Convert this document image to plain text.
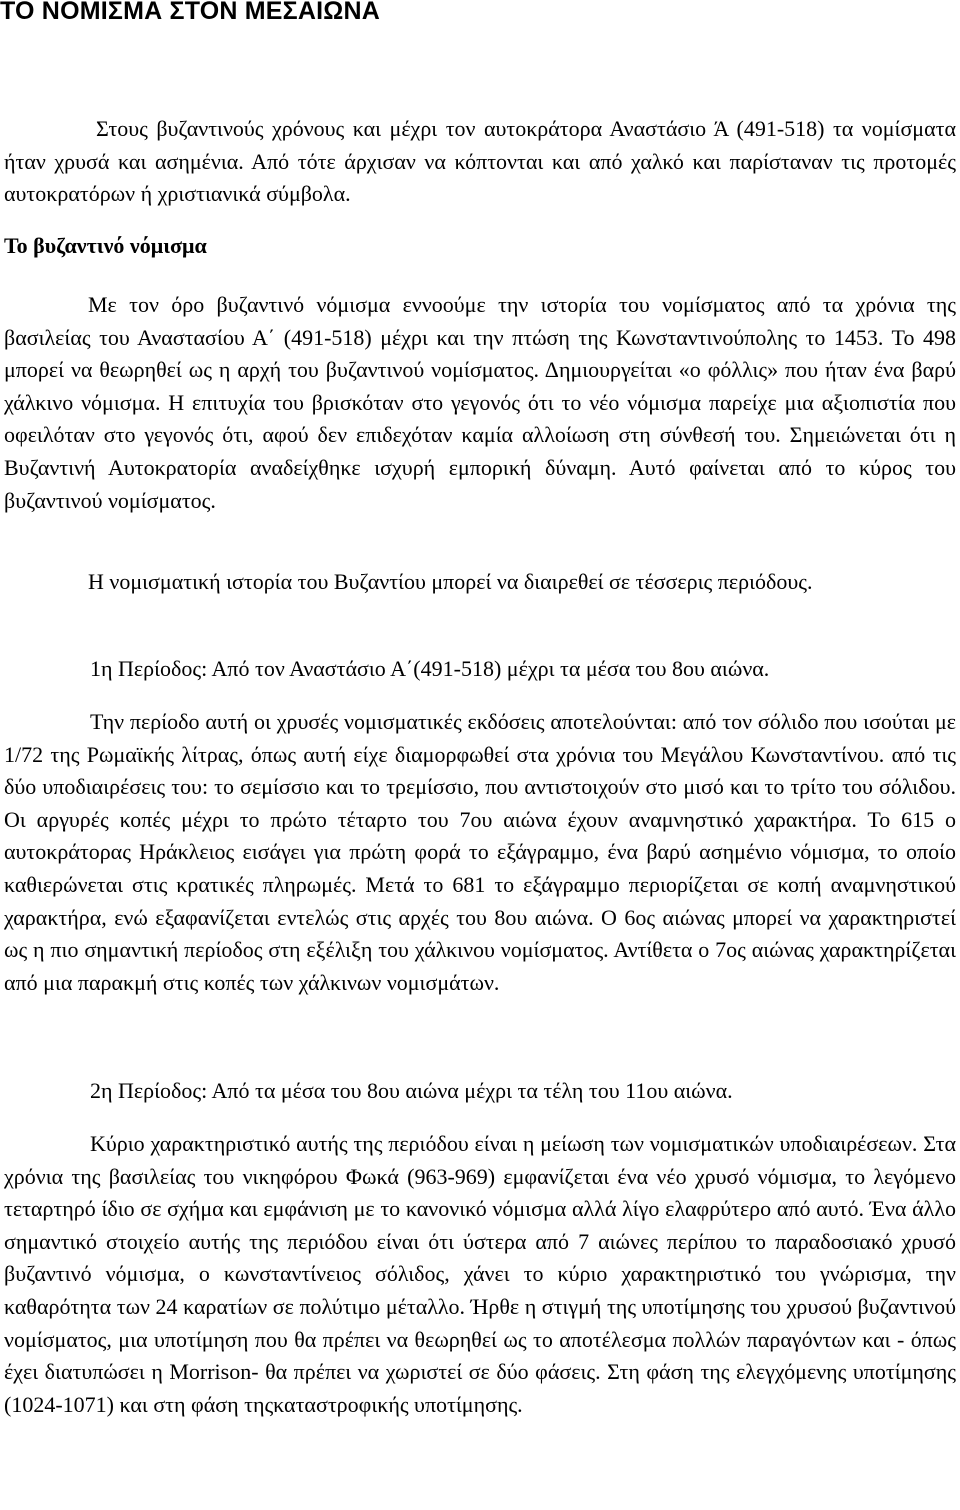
ΤΟ ΝΟΜΙΣΜΑ ΣΤΟΝ ΜΕΣΑΙΩΝΑ

Στους βυζαντινούς χρόνους και μέχρι τον αυτοκράτορα Αναστάσιο Ά (491-518) τα νομίσματα ήταν χρυσά και ασημένια. Από τότε άρχισαν να κόπτονται και από χαλκό και παρίσταναν τις προτομές αυτοκρατόρων ή χριστιανικά σύμβολα.

Το βυζαντινό νόμισμα

Με τον όρο βυζαντινό νόμισμα εννοούμε την ιστορία του νομίσματος από τα χρόνια της βασιλείας του Αναστασίου Α΄ (491-518) μέχρι και την πτώση της Κωνσταντινούπολης το 1453. Το 498 μπορεί να θεωρηθεί ως η αρχή του βυζαντινού νομίσματος. Δημιουργείται «ο φόλλις» που ήταν ένα βαρύ χάλκινο νόμισμα. Η επιτυχία του βρισκόταν στο γεγονός ότι το νέο νόμισμα παρείχε μια αξιοπιστία που οφειλόταν στο γεγονός ότι, αφού δεν επιδεχόταν καμία αλλοίωση στη σύνθεσή του. Σημειώνεται ότι η Βυζαντινή Αυτοκρατορία αναδείχθηκε ισχυρή εμπορική δύναμη. Αυτό φαίνεται από το κύρος του βυζαντινού νομίσματος.

Η νομισματική ιστορία του Βυζαντίου μπορεί να διαιρεθεί σε τέσσερις περιόδους.

1η Περίοδος: Από τον Αναστάσιο Α΄(491-518) μέχρι τα μέσα του 8ου αιώνα.

Την περίοδο αυτή οι χρυσές νομισματικές εκδόσεις αποτελούνται: από τον σόλιδο που ισούται με 1/72 της Ρωμαϊκής λίτρας, όπως αυτή είχε διαμορφωθεί στα χρόνια του Μεγάλου Κωνσταντίνου. από τις δύο υποδιαιρέσεις του: το σεμίσσιο και το τρεμίσσιο, που αντιστοιχούν στο μισό και το τρίτο του σόλιδου. Οι αργυρές κοπές μέχρι το πρώτο τέταρτο του 7ου αιώνα έχουν αναμνηστικό χαρακτήρα. Το 615 ο αυτοκράτορας Ηράκλειος εισάγει για πρώτη φορά το εξάγραμμο, ένα βαρύ ασημένιο νόμισμα, το οποίο καθιερώνεται στις κρατικές πληρωμές. Μετά το 681 το εξάγραμμο περιορίζεται σε κοπή αναμνηστικού χαρακτήρα, ενώ εξαφανίζεται εντελώς στις αρχές του 8ου αιώνα. Ο 6ος αιώνας μπορεί να χαρακτηριστεί ως η πιο σημαντική περίοδος στη εξέλιξη του χάλκινου νομίσματος. Αντίθετα ο 7ος αιώνας χαρακτηρίζεται από μια παρακμή στις κοπές των χάλκινων νομισμάτων.

2η Περίοδος: Από τα μέσα του 8ου αιώνα μέχρι τα τέλη του 11ου αιώνα.

Κύριο χαρακτηριστικό αυτής της περιόδου είναι η μείωση των νομισματικών υποδιαιρέσεων. Στα χρόνια της βασιλείας του νικηφόρου Φωκά (963-969) εμφανίζεται ένα νέο χρυσό νόμισμα, το λεγόμενο τεταρτηρό ίδιο σε σχήμα και εμφάνιση με το κανονικό νόμισμα αλλά λίγο ελαφρύτερο από αυτό. Ένα άλλο σημαντικό στοιχείο αυτής της περιόδου είναι ότι ύστερα από 7 αιώνες περίπου το παραδοσιακό χρυσό βυζαντινό νόμισμα, ο κωνσταντίνειος σόλιδος, χάνει το κύριο χαρακτηριστικό του γνώρισμα, την καθαρότητα των 24 καρατίων σε πολύτιμο μέταλλο. Ήρθε η στιγμή της υποτίμησης του χρυσού βυζαντινού νομίσματος, μια υποτίμηση που θα πρέπει να θεωρηθεί ως το αποτέλεσμα πολλών παραγόντων και - όπως έχει διατυπώσει η Morrison- θα πρέπει να χωριστεί σε δύο φάσεις. Στη φάση της ελεγχόμενης υποτίμησης (1024-1071) και στη φάση τηςκαταστροφικής υποτίμησης.
